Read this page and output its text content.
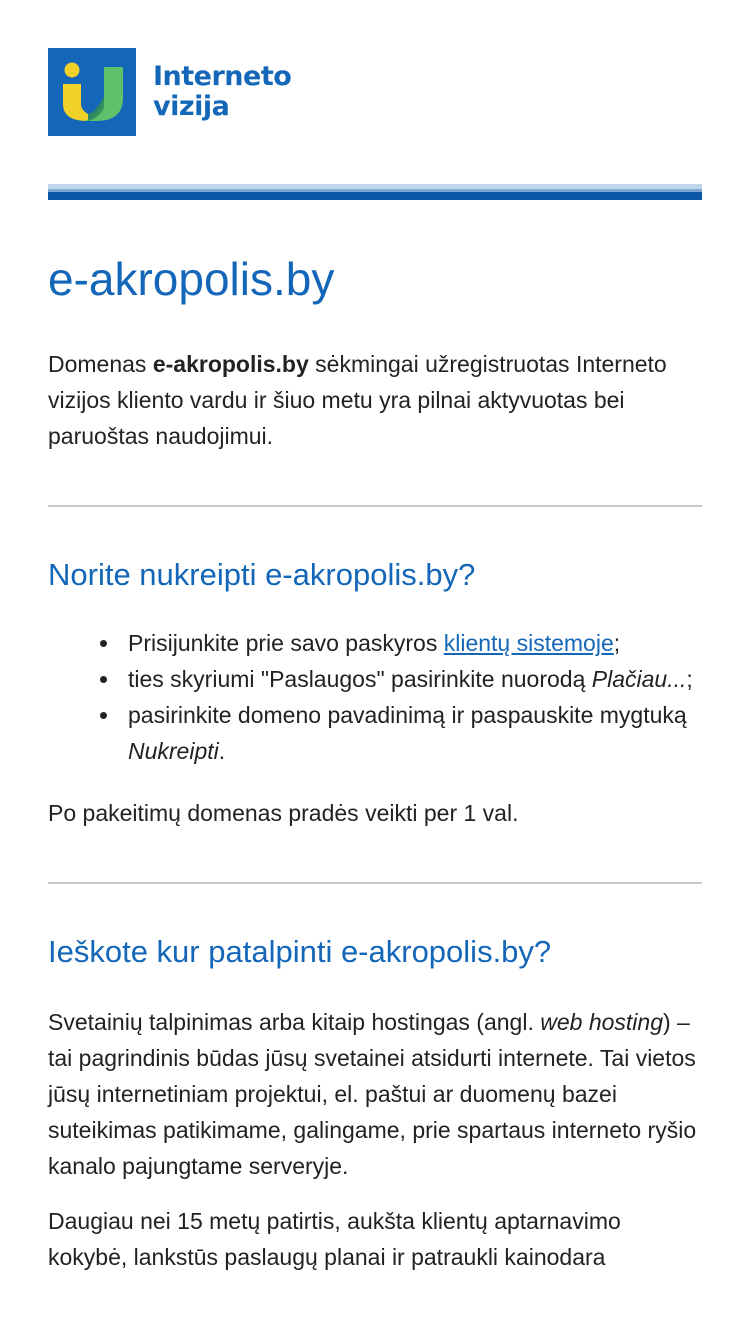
Interneto
vizija
e-akropolis.by

Domenas e-akropolis.by sėkmingai užregistruotas Interneto vizijos kliento vardu ir šiuo metu yra pilnai aktyvuotas bei paruoštas naudojimui.

Norite nukreipti e-akropolis.by?
Prisijunkite prie savo paskyros klientų sistemoje;
ties skyriumi "Paslaugos" pasirinkite nuorodą Plačiau...;
pasirinkite domeno pavadinimą ir paspauskite mygtuką Nukreipti.

Po pakeitimų domenas pradės veikti per 1 val.

Ieškote kur patalpinti e-akropolis.by?

Svetainių talpinimas arba kitaip hostingas (angl. web hosting) – tai pagrindinis būdas jūsų svetainei atsidurti internete. Tai vietos jūsų internetiniam projektui, el. paštui ar duomenų bazei suteikimas patikimame, galingame, prie spartaus interneto ryšio kanalo pajungtame serveryje.

Daugiau nei 15 metų patirtis, aukšta klientų aptarnavimo kokybė, lankstūs paslaugų planai ir patraukli kainodara
